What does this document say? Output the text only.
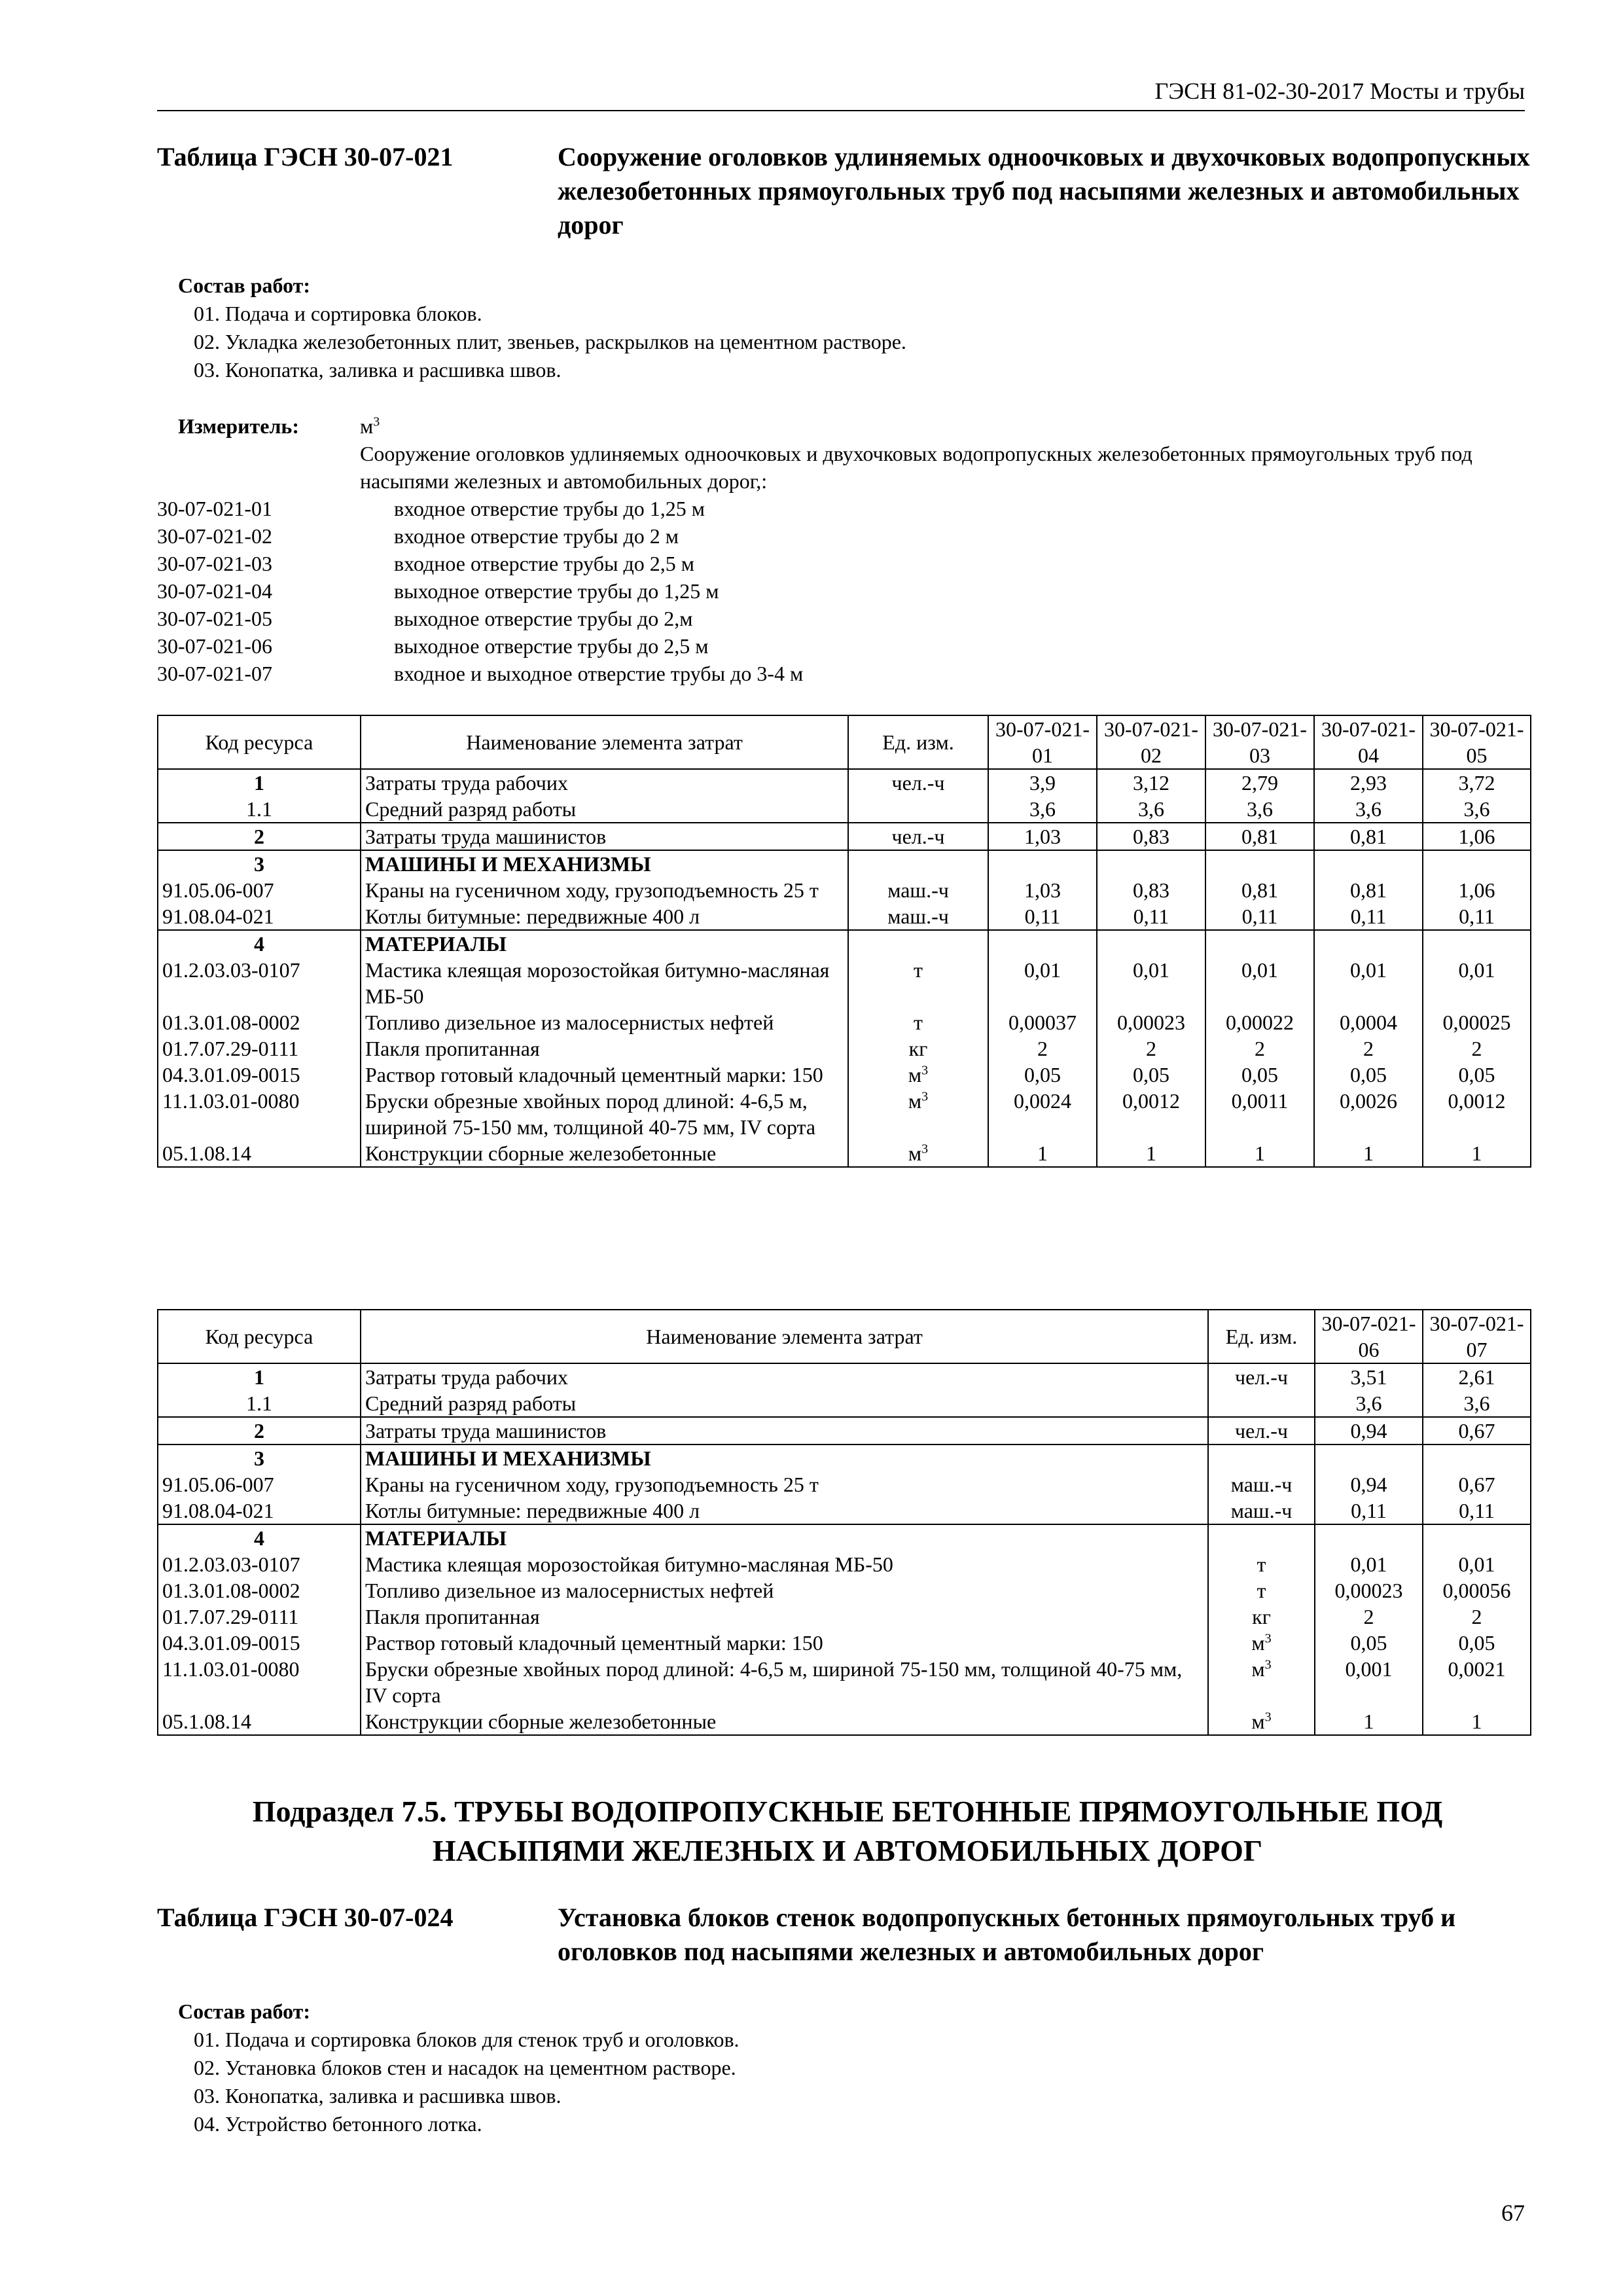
ГЭСН 81-02-30-2017 Мосты и трубы
Таблица ГЭСН 30-07-021	Сооружение оголовков удлиняемых одноочковых и двухочковых водопропускных железобетонных прямоугольных труб под насыпями железных и автомобильных дорог
Состав работ:
01. Подача и сортировка блоков.
02. Укладка железобетонных плит, звеньев, раскрылков на цементном растворе.
03. Конопатка, заливка и расшивка швов.
Измеритель:	$м^3$
Сооружение оголовков удлиняемых одноочковых и двухочковых водопропускных железобетонных прямоугольных труб под насыпями железных и автомобильных дорог,:
30-07-021-01	входное отверстие трубы до 1,25 м
30-07-021-02	входное отверстие трубы до 2 м
30-07-021-03	входное отверстие трубы до 2,5 м
30-07-021-04	выходное отверстие трубы до 1,25 м
30-07-021-05	выходное отверстие трубы до 2,м
30-07-021-06	выходное отверстие трубы до 2,5 м
30-07-021-07	входное и выходное отверстие трубы до 3-4 м
Код ресурса	Наименование элемента затрат	Ед. изм.	30-07-021-01	30-07-021-02	30-07-021-03	30-07-021-04	30-07-021-05
1	Затраты труда рабочих	чел.-ч	3,9	3,12	2,79	2,93	3,72
1.1	Средний разряд работы		3,6	3,6	3,6	3,6	3,6
2	Затраты труда машинистов	чел.-ч	1,03	0,83	0,81	0,81	1,06
3	МАШИНЫ И МЕХАНИЗМЫ						
91.05.06-007	Краны на гусеничном ходу, грузоподъемность 25 т	маш.-ч	1,03	0,83	0,81	0,81	1,06
91.08.04-021	Котлы битумные: передвижные 400 л	маш.-ч	0,11	0,11	0,11	0,11	0,11
4	МАТЕРИАЛЫ						
01.2.03.03-0107	Мастика клеящая морозостойкая битумно-масляная МБ-50	т	0,01	0,01	0,01	0,01	0,01
01.3.01.08-0002	Топливо дизельное из малосернистых нефтей	т	0,00037	0,00023	0,00022	0,0004	0,00025
01.7.07.29-0111	Пакля пропитанная	кг	2	2	2	2	2
04.3.01.09-0015	Раствор готовый кладочный цементный марки: 150	$м^3$	0,05	0,05	0,05	0,05	0,05
11.1.03.01-0080	Бруски обрезные хвойных пород длиной: 4-6,5 м, шириной 75-150 мм, толщиной 40-75 мм, IV сорта	$м^3$	0,0024	0,0012	0,0011	0,0026	0,0012
05.1.08.14	Конструкции сборные железобетонные	$м^3$	1	1	1	1	1
Код ресурса	Наименование элемента затрат	Ед. изм.	30-07-021-06	30-07-021-07
1	Затраты труда рабочих	чел.-ч	3,51	2,61
1.1	Средний разряд работы		3,6	3,6
2	Затраты труда машинистов	чел.-ч	0,94	0,67
3	МАШИНЫ И МЕХАНИЗМЫ			
91.05.06-007	Краны на гусеничном ходу, грузоподъемность 25 т	маш.-ч	0,94	0,67
91.08.04-021	Котлы битумные: передвижные 400 л	маш.-ч	0,11	0,11
4	МАТЕРИАЛЫ			
01.2.03.03-0107	Мастика клеящая морозостойкая битумно-масляная МБ-50	т	0,01	0,01
01.3.01.08-0002	Топливо дизельное из малосернистых нефтей	т	0,00023	0,00056
01.7.07.29-0111	Пакля пропитанная	кг	2	2
04.3.01.09-0015	Раствор готовый кладочный цементный марки: 150	$м^3$	0,05	0,05
11.1.03.01-0080	Бруски обрезные хвойных пород длиной: 4-6,5 м, шириной 75-150 мм, толщиной 40-75 мм, IV сорта	$м^3$	0,001	0,0021
05.1.08.14	Конструкции сборные железобетонные	$м^3$	1	1
Подраздел 7.5. ТРУБЫ ВОДОПРОПУСКНЫЕ БЕТОННЫЕ ПРЯМОУГОЛЬНЫЕ ПОД НАСЫПЯМИ ЖЕЛЕЗНЫХ И АВТОМОБИЛЬНЫХ ДОРОГ
Таблица ГЭСН 30-07-024	Установка блоков стенок водопропускных бетонных прямоугольных труб и оголовков под насыпями железных и автомобильных дорог
Состав работ:
01. Подача и сортировка блоков для стенок труб и оголовков.
02. Установка блоков стен и насадок на цементном растворе.
03. Конопатка, заливка и расшивка швов.
04. Устройство бетонного лотка.
67
